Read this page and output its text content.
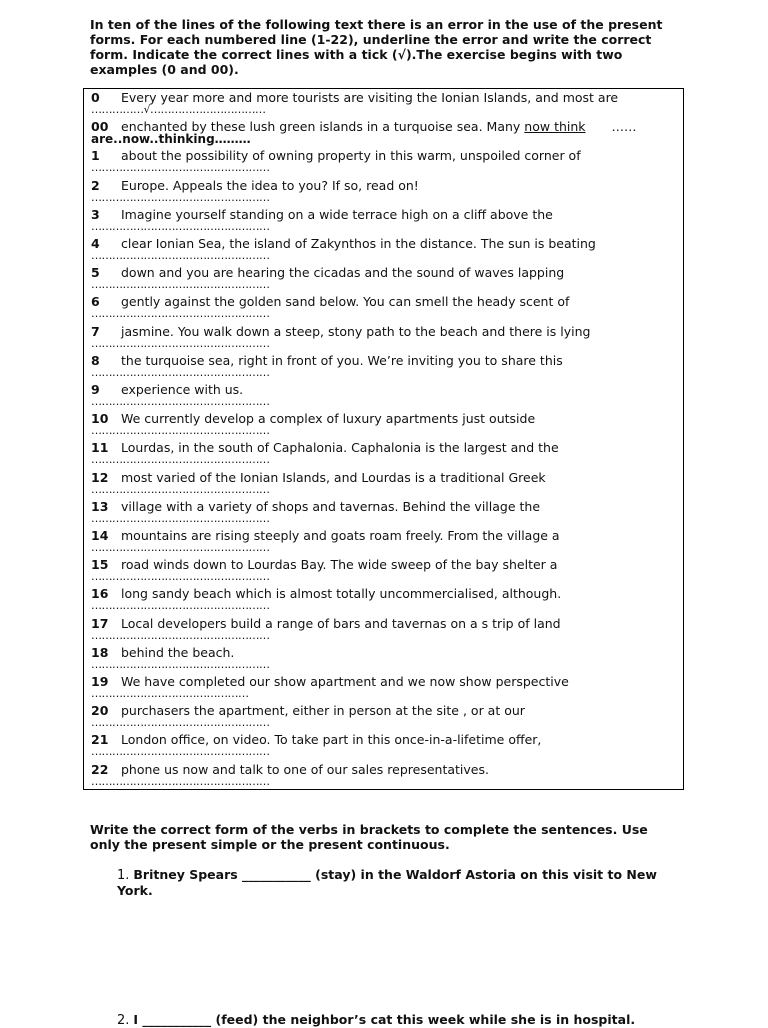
In ten of the lines of the following text there is an error in the use of the present forms. For each numbered line (1-22), underline the error and write the correct form. Indicate the correct lines with a tick (√).The exercise begins with two examples (0 and 00).
0 Every year more and more tourists are visiting the Ionian Islands, and most are
……………√……………………………
00 enchanted by these lush green islands in a turquoise sea. Many now think ……
are..now..thinking………
1 about the possibility of owning property in this warm, unspoiled corner of
……………………………………………
2 Europe. Appeals the idea to you? If so, read on!
……………………………………………
3 Imagine yourself standing on a wide terrace high on a cliff above the
……………………………………………
4 clear Ionian Sea, the island of Zakynthos in the distance. The sun is beating
……………………………………………
5 down and you are hearing the cicadas and the sound of waves lapping
……………………………………………
6 gently against the golden sand below. You can smell the heady scent of
……………………………………………
7 jasmine. You walk down a steep, stony path to the beach and there is lying
……………………………………………
8 the turquoise sea, right in front of you. We’re inviting you to share this
……………………………………………
9 experience with us.
……………………………………………
10 We currently develop a complex of luxury apartments just outside
……………………………………………
11 Lourdas, in the south of Caphalonia. Caphalonia is the largest and the
……………………………………………
12 most varied of the Ionian Islands, and Lourdas is a traditional Greek
……………………………………………
13 village with a variety of shops and tavernas. Behind the village the
……………………………………………
14 mountains are rising steeply and goats roam freely. From the village a
……………………………………………
15 road winds down to Lourdas Bay. The wide sweep of the bay shelter a
……………………………………………
16 long sandy beach which is almost totally uncommercialised, although.
……………………………………………
17 Local developers build a range of bars and tavernas on a s trip of land
……………………………………………
18 behind the beach.
……………………………………………
19 We have completed our show apartment and we now show perspective
………………………………………
20 purchasers the apartment, either in person at the site , or at our
……………………………………………
21 London office, on video. To take part in this once-in-a-lifetime offer,
……………………………………………
22 phone us now and talk to one of our sales representatives.
……………………………………………
Write the correct form of the verbs in brackets to complete the sentences. Use only the present simple or the present continuous.
1. Britney Spears ___________ (stay) in the Waldorf Astoria on this visit to New York.
2. I ___________ (feed) the neighbor’s cat this week while she is in hospital.
